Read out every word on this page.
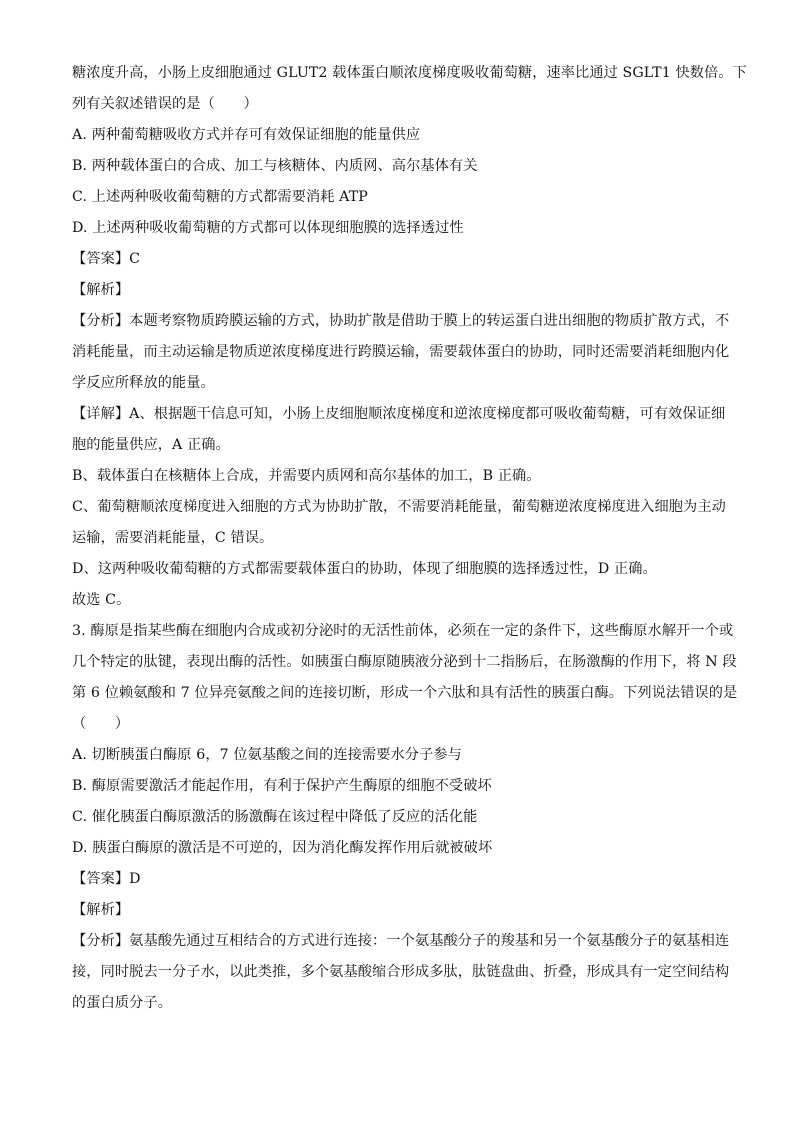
糖浓度升高，小肠上皮细胞通过 GLUT2 载体蛋白顺浓度梯度吸收葡萄糖，速率比通过 SGLT1 快数倍。下
列有关叙述错误的是（　　）
A. 两种葡萄糖吸收方式并存可有效保证细胞的能量供应
B. 两种载体蛋白的合成、加工与核糖体、内质网、高尔基体有关
C. 上述两种吸收葡萄糖的方式都需要消耗 ATP
D. 上述两种吸收葡萄糖的方式都可以体现细胞膜的选择透过性
【答案】C
【解析】
【分析】本题考察物质跨膜运输的方式，协助扩散是借助于膜上的转运蛋白进出细胞的物质扩散方式，不
消耗能量，而主动运输是物质逆浓度梯度进行跨膜运输，需要载体蛋白的协助，同时还需要消耗细胞内化
学反应所释放的能量。
【详解】A、根据题干信息可知，小肠上皮细胞顺浓度梯度和逆浓度梯度都可吸收葡萄糖，可有效保证细
胞的能量供应，A 正确。
B、载体蛋白在核糖体上合成，并需要内质网和高尔基体的加工，B 正确。
C、葡萄糖顺浓度梯度进入细胞的方式为协助扩散，不需要消耗能量，葡萄糖逆浓度梯度进入细胞为主动
运输，需要消耗能量，C 错误。
D、这两种吸收葡萄糖的方式都需要载体蛋白的协助，体现了细胞膜的选择透过性，D 正确。
故选 C。
3. 酶原是指某些酶在细胞内合成或初分泌时的无活性前体，必须在一定的条件下，这些酶原水解开一个或
几个特定的肽键，表现出酶的活性。如胰蛋白酶原随胰液分泌到十二指肠后，在肠激酶的作用下，将 N 段
第 6 位赖氨酸和 7 位异亮氨酸之间的连接切断，形成一个六肽和具有活性的胰蛋白酶。下列说法错误的是
（　　）
A. 切断胰蛋白酶原 6，7 位氨基酸之间的连接需要水分子参与
B. 酶原需要激活才能起作用，有利于保护产生酶原的细胞不受破坏
C. 催化胰蛋白酶原激活的肠激酶在该过程中降低了反应的活化能
D. 胰蛋白酶原的激活是不可逆的，因为消化酶发挥作用后就被破坏
【答案】D
【解析】
【分析】氨基酸先通过互相结合的方式进行连接：一个氨基酸分子的羧基和另一个氨基酸分子的氨基相连
接，同时脱去一分子水，以此类推，多个氨基酸缩合形成多肽，肽链盘曲、折叠，形成具有一定空间结构
的蛋白质分子。
